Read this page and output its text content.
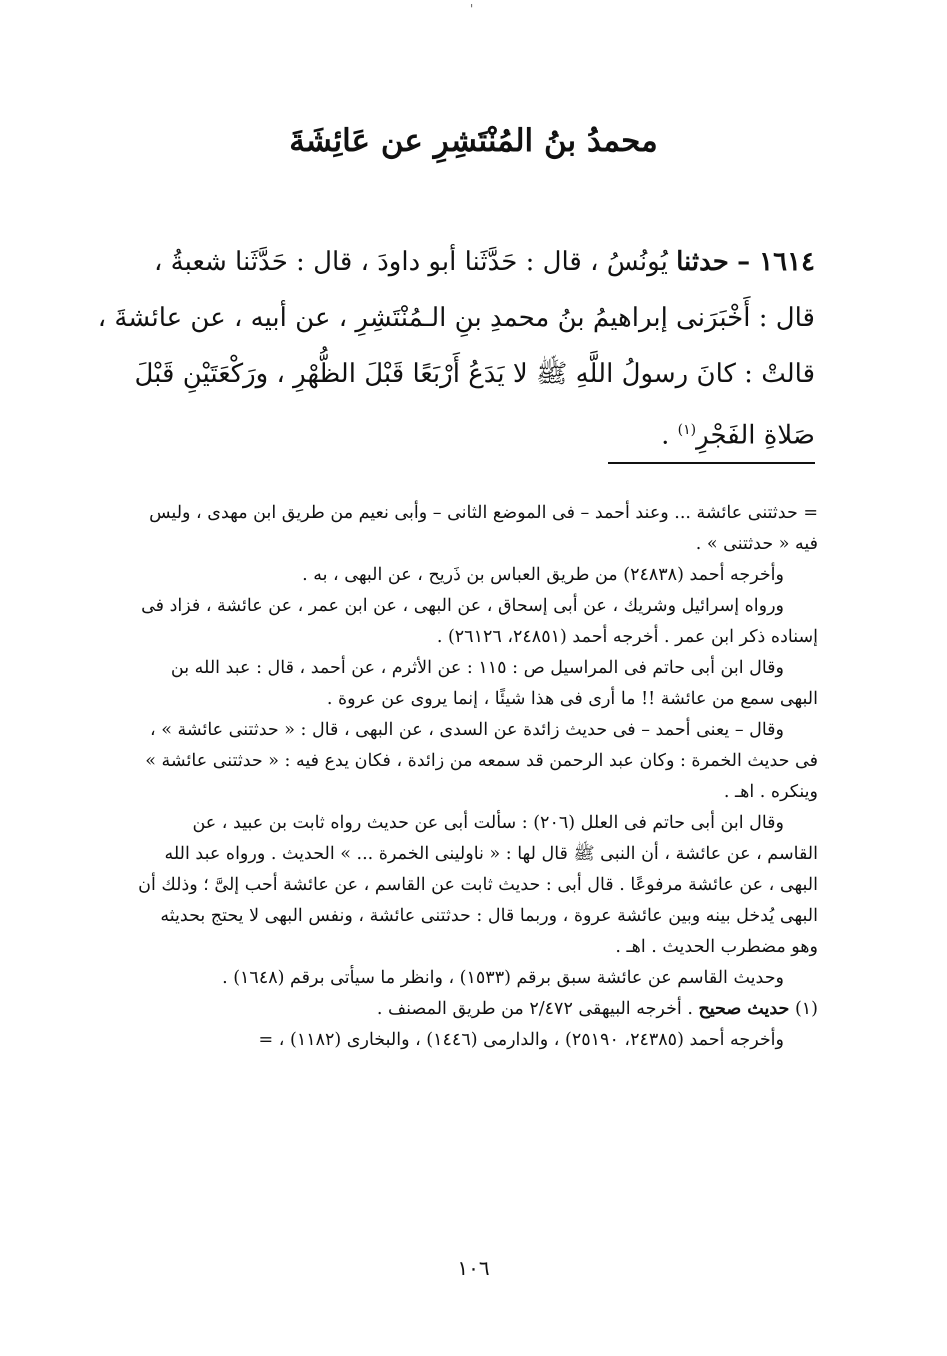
'
محمدُ بنُ المُنْتَشِرِ عن عَائِشَةَ
١٦١٤ – حدثنا يُونُسُ ، قال : حَدَّثَنا أبو داودَ ، قال : حَدَّثَنا شعبةُ ،
قال : أَخْبَرَنى إبراهيمُ بنُ محمدِ بنِ الـمُنْتَشِرِ ، عن أبيه ، عن عائشةَ ،
قالتْ : كانَ رسولُ اللَّهِ ﷺ لا يَدَعُ أَرْبَعًا قَبْلَ الظُّهْرِ ، ورَكْعَتَيْنِ قَبْلَ
صَلاةِ الفَجْرِ$^{(١)}$ .

= حدثتنى عائشة ... وعند أحمد – فى الموضع الثانى – وأبى نعيم من طريق ابن مهدى ، وليس

فيه « حدثتنى » .

وأخرجه أحمد (٢٤٨٣٨) من طريق العباس بن ذَريح ، عن البهى ، به .

ورواه إسرائيل وشريك ، عن أبى إسحاق ، عن البهى ، عن ابن عمر ، عن عائشة ، فزاد فى

إسناده ذكر ابن عمر . أخرجه أحمد (٢٤٨٥١، ٢٦١٢٦) .

وقال ابن أبى حاتم فى المراسيل ص : ١١٥ : عن الأثرم ، عن أحمد ، قال : عبد الله بن

البهى سمع من عائشة !! ما أرى فى هذا شيئًا ، إنما يروى عن عروة .

وقال – يعنى أحمد – فى حديث زائدة عن السدى ، عن البهى ، قال : « حدثتنى عائشة » ،

فى حديث الخمرة : وكان عبد الرحمن قد سمعه من زائدة ، فكان يدع فيه : « حدثتنى عائشة »

وينكره . اهـ .

وقال ابن أبى حاتم فى العلل (٢٠٦) : سألت أبى عن حديث رواه ثابت بن عبيد ، عن

القاسم ، عن عائشة ، أن النبى ﷺ قال لها : « ناولينى الخمرة ... » الحديث . ورواه عبد الله

البهى ، عن عائشة مرفوعًا . قال أبى : حديث ثابت عن القاسم ، عن عائشة أحب إلىَّ ؛ وذلك أن

البهى يُدخل بينه وبين عائشة عروة ، وربما قال : حدثتنى عائشة ، ونفس البهى لا يحتج بحديثه

وهو مضطرب الحديث . اهـ .

وحديث القاسم عن عائشة سبق برقم (١٥٣٣) ، وانظر ما سيأتى برقم (١٦٤٨) .

(١) حديث صحيح . أخرجه البيهقى ٢/٤٧٢ من طريق المصنف .

وأخرجه أحمد (٢٤٣٨٥، ٢٥١٩٠) ، والدارمى (١٤٤٦) ، والبخارى (١١٨٢) ، =

١٠٦
